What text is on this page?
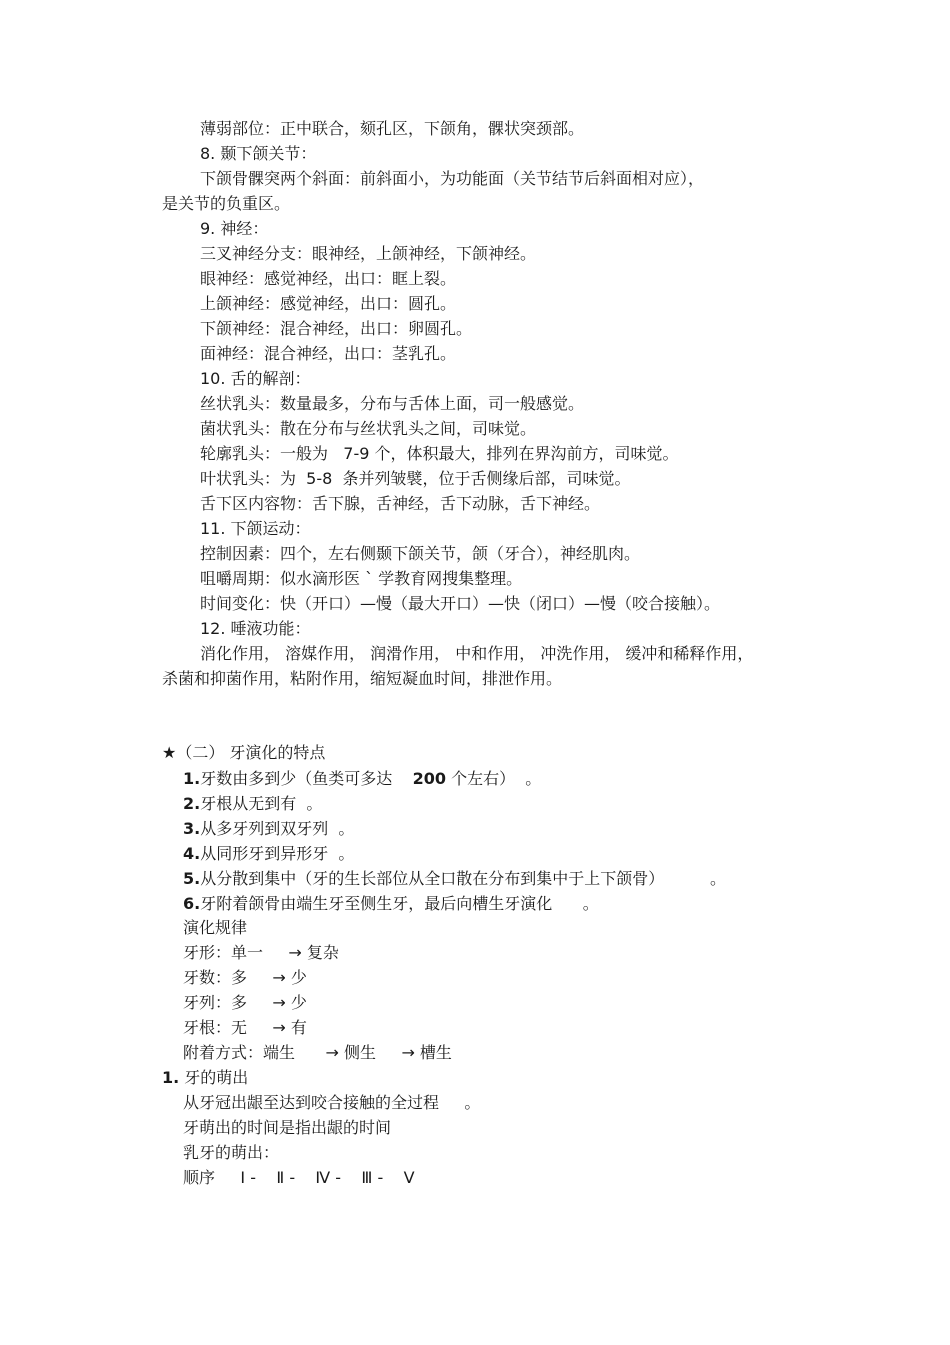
薄弱部位：正中联合，颏孔区，下颌角，髁状突颈部。
8. 颞下颌关节：
下颌骨髁突两个斜面：前斜面小，为功能面（关节结节后斜面相对应），
是关节的负重区。
9. 神经：
三叉神经分支：眼神经，上颌神经，下颌神经。
眼神经：感觉神经，出口：眶上裂。
上颌神经：感觉神经，出口：圆孔。
下颌神经：混合神经，出口：卵圆孔。
面神经：混合神经，出口：茎乳孔。
10. 舌的解剖：
丝状乳头：数量最多，分布与舌体上面，司一般感觉。
菌状乳头：散在分布与丝状乳头之间，司味觉。
轮廓乳头：一般为   7-9 个，体积最大，排列在界沟前方，司味觉。
叶状乳头：为  5-8  条并列皱襞，位于舌侧缘后部，司味觉。
舌下区内容物：舌下腺，舌神经，舌下动脉，舌下神经。
11. 下颌运动：
控制因素：四个，左右侧颞下颌关节，颌（牙合），神经肌肉。
咀嚼周期：似水滴形医 ` 学教育网搜集整理。
时间变化：快（开口）—慢（最大开口）—快（闭口）—慢（咬合接触）。
12. 唾液功能：
消化作用， 溶媒作用， 润滑作用， 中和作用， 冲洗作用， 缓冲和稀释作用，
杀菌和抑菌作用，粘附作用，缩短凝血时间，排泄作用。
★（二） 牙演化的特点
1.牙数由多到少（鱼类可多达    200 个左右）  。
2.牙根从无到有  。
3.从多牙列到双牙列  。
4.从同形牙到异形牙  。
5.从分散到集中（牙的生长部位从全口散在分布到集中于上下颌骨）         。
6.牙附着颌骨由端生牙至侧生牙，最后向槽生牙演化      。
演化规律
牙形：单一     → 复杂
牙数：多     → 少
牙列：多     → 少
牙根：无     → 有
附着方式：端生      → 侧生     → 槽生
1. 牙的萌出
从牙冠出龈至达到咬合接触的全过程     。
牙萌出的时间是指出龈的时间
乳牙的萌出：
顺序     Ⅰ -    Ⅱ -    Ⅳ -    Ⅲ -    Ⅴ
